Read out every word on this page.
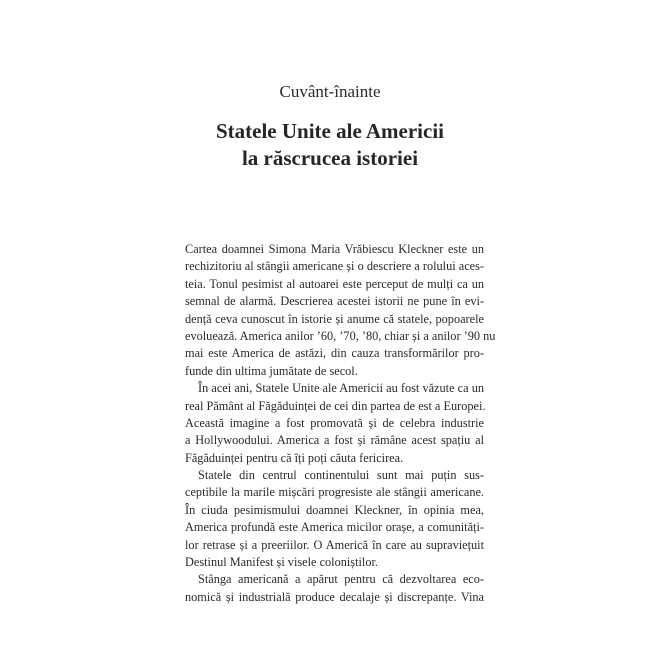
Cuvânt-înainte
Statele Unite ale Americii
la răscrucea istoriei
Cartea doamnei Simona Maria Vrăbiescu Kleckner este un
rechizitoriu al stângii americane și o descriere a rolului aces-
teia. Tonul pesimist al autoarei este perceput de mulți ca un
semnal de alarmă. Descrierea acestei istorii ne pune în evi-
dență ceva cunoscut în istorie și anume că statele, popoarele
evoluează. America anilor ’60, ’70, ’80, chiar și a anilor ’90 nu
mai este America de astăzi, din cauza transformărilor pro-
funde din ultima jumătate de secol.
În acei ani, Statele Unite ale Americii au fost văzute ca un
real Pământ al Făgăduinței de cei din partea de est a Europei.
Această imagine a fost promovată și de celebra industrie
a Hollywoodului. America a fost și rămâne acest spațiu al
Făgăduinței pentru că îți poți căuta fericirea.
Statele din centrul continentului sunt mai puțin sus-
ceptibile la marile mișcări progresiste ale stângii americane.
În ciuda pesimismului doamnei Kleckner, în opinia mea,
America profundă este America micilor orașe, a comunități-
lor retrase și a preeriilor. O Americă în care au supraviețuit
Destinul Manifest și visele coloniștilor.
Stânga americană a apărut pentru că dezvoltarea eco-
nomică și industrială produce decalaje și discrepanțe. Vina
